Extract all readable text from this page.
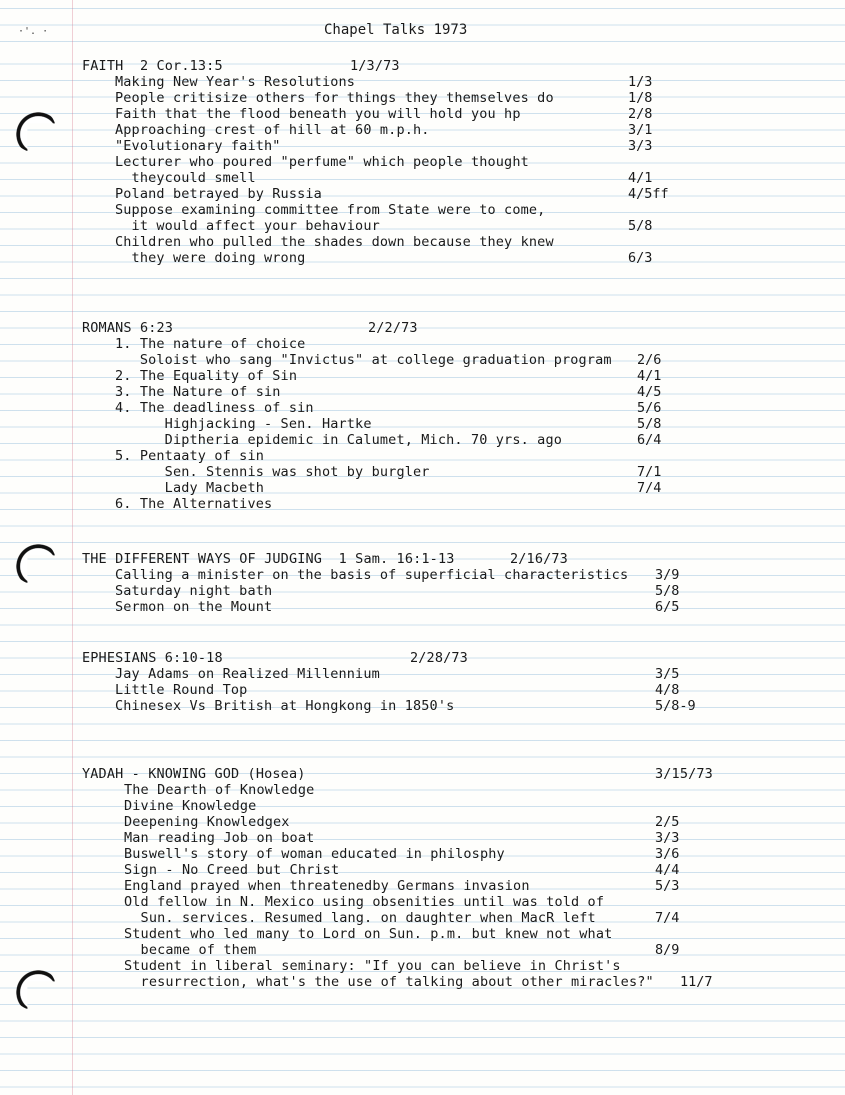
·'. ·	Chapel Talks 1973
FAITH  2 Cor.13:5	1/3/73
Making New Year's Resolutions	1/3
People critisize others for things they themselves do	1/8
Faith that the flood beneath you will hold you hp	2/8
Approaching crest of hill at 60 m.p.h.	3/1
"Evolutionary faith"	3/3
Lecturer who poured "perfume" which people thought
theycould smell	4/1
Poland betrayed by Russia	4/5ff
Suppose examining committee from State were to come,
it would affect your behaviour	5/8
Children who pulled the shades down because they knew
they were doing wrong	6/3
ROMANS 6:23	2/2/73
1. The nature of choice
Soloist who sang "Invictus" at college graduation program 2/6
2. The Equality of Sin	4/1
3. The Nature of sin	4/5
4. The deadliness of sin	5/6
Highjacking - Sen. Hartke	5/8
Diptheria epidemic in Calumet, Mich. 70 yrs. ago	6/4
5. Pentaaty of sin
Sen. Stennis was shot by burgler	7/1
Lady Macbeth	7/4
6. The Alternatives
THE DIFFERENT WAYS OF JUDGING  1 Sam. 16:1-13	2/16/73
Calling a minister on the basis of superficial characteristics 3/9
Saturday night bath	5/8
Sermon on the Mount	6/5
EPHESIANS 6:10-18	2/28/73
Jay Adams on Realized Millennium	3/5
Little Round Top	4/8
Chinesex Vs British at Hongkong in 1850's	5/8-9
YADAH - KNOWING GOD (Hosea)	3/15/73
The Dearth of Knowledge
Divine Knowledge
Deepening Knowledgex	2/5
Man reading Job on boat	3/3
Buswell's story of woman educated in philosphy	3/6
Sign - No Creed but Christ	4/4
England prayed when threatenedby Germans invasion	5/3
Old fellow in N. Mexico using obsenities until was told of
Sun. services. Resumed lang. on daughter when MacR left	7/4
Student who led many to Lord on Sun. p.m. but knew not what
became of them	8/9
Student in liberal seminary: "If you can believe in Christ's
resurrection, what's the use of talking about other miracles?" 11/7
